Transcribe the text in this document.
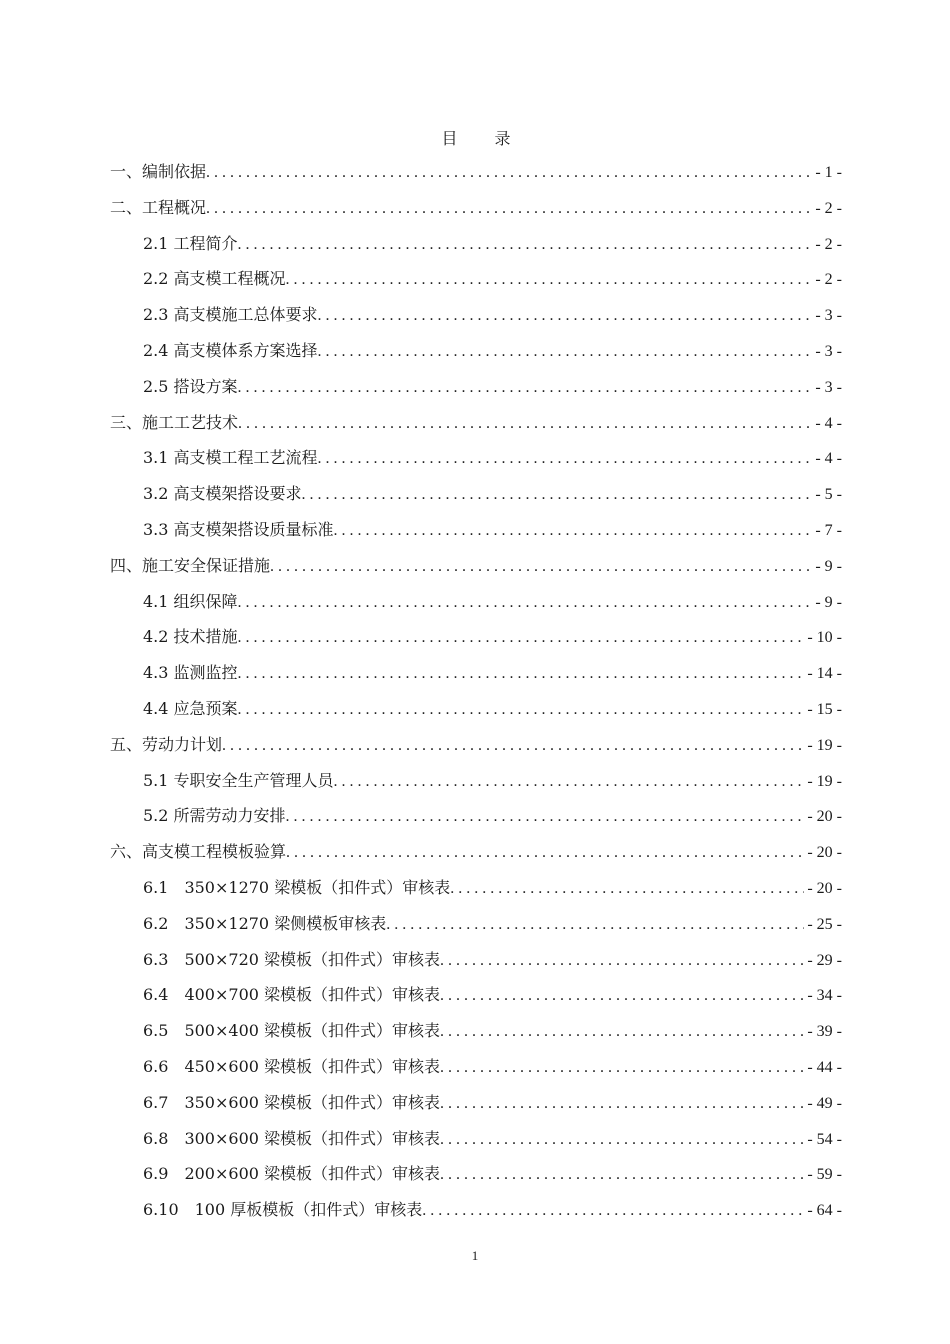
目 录
一、编制依据 . . .	- 1 -
二、工程概况 . . .	- 2 -
2.1 工程简介 . . .	- 2 -
2.2 高支模工程概况 . . .	- 2 -
2.3 高支模施工总体要求 . . .	- 3 -
2.4 高支模体系方案选择 . . .	- 3 -
2.5 搭设方案 . . .	- 3 -
三、施工工艺技术 . . .	- 4 -
3.1 高支模工程工艺流程 . . .	- 4 -
3.2 高支模架搭设要求 . . .	- 5 -
3.3 高支模架搭设质量标准 . . .	- 7 -
四、施工安全保证措施 . . .	- 9 -
4.1 组织保障 . . .	- 9 -
4.2 技术措施 . . .	- 10 -
4.3 监测监控 . . .	- 14 -
4.4 应急预案 . . .	- 15 -
五、劳动力计划 . . .	- 19 -
5.1 专职安全生产管理人员 . . .	- 19 -
5.2 所需劳动力安排 . . .	- 20 -
六、高支模工程模板验算 . . .	- 20 -
6.1　350×1270 梁模板（扣件式）审核表 . . .	- 20 -
6.2　350×1270 梁侧模板审核表 . . .	- 25 -
6.3　500×720 梁模板（扣件式）审核表 . . .	- 29 -
6.4　400×700 梁模板（扣件式）审核表 . . .	- 34 -
6.5　500×400 梁模板（扣件式）审核表 . . .	- 39 -
6.6　450×600 梁模板（扣件式）审核表 . . .	- 44 -
6.7　350×600 梁模板（扣件式）审核表 . . .	- 49 -
6.8　300×600 梁模板（扣件式）审核表 . . .	- 54 -
6.9　200×600 梁模板（扣件式）审核表 . . .	- 59 -
6.10　100 厚板模板（扣件式）审核表 . . .	- 64 -
1
